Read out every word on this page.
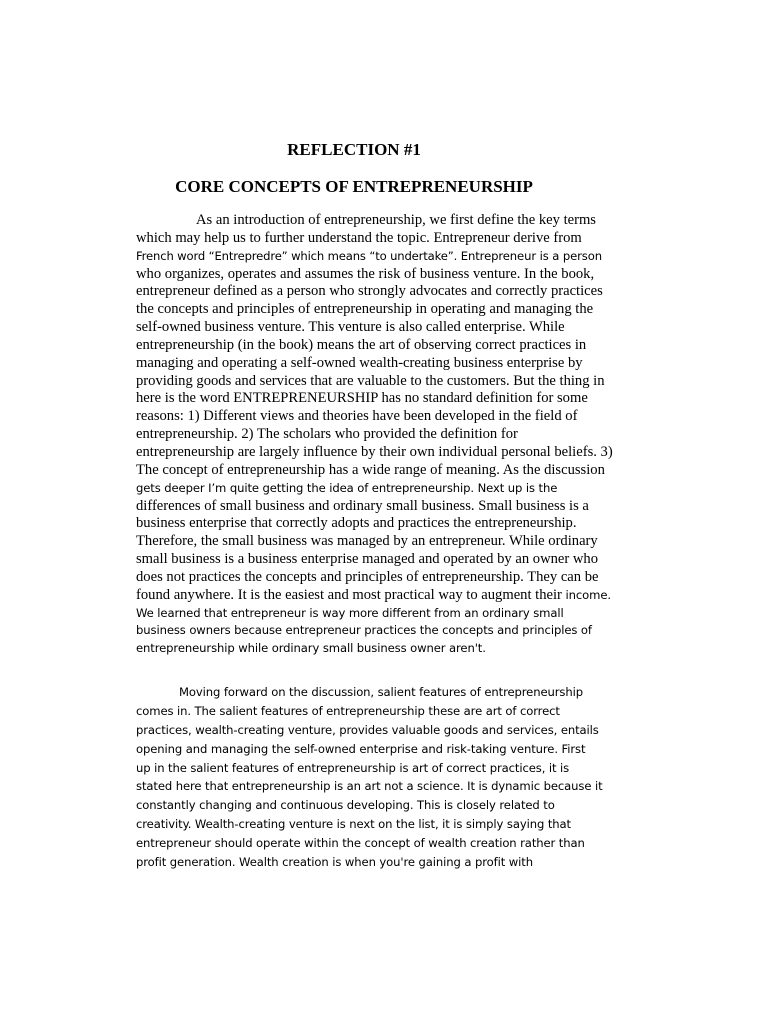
REFLECTION #1
CORE CONCEPTS OF ENTREPRENEURSHIP
As an introduction of entrepreneurship, we first define the key terms
which may help us to further understand the topic. Entrepreneur derive from
French word “Entrepredre” which means “to undertake”. Entrepreneur is a person
who organizes, operates and assumes the risk of business venture. In the book,
entrepreneur defined as a person who strongly advocates and correctly practices
the concepts and principles of entrepreneurship in operating and managing the
self-owned business venture. This venture is also called enterprise. While
entrepreneurship (in the book) means the art of observing correct practices in
managing and operating a self-owned wealth-creating business enterprise by
providing goods and services that are valuable to the customers. But the thing in
here is the word ENTREPRENEURSHIP has no standard definition for some
reasons: 1) Different views and theories have been developed in the field of
entrepreneurship. 2) The scholars who provided the definition for
entrepreneurship are largely influence by their own individual personal beliefs. 3)
The concept of entrepreneurship has a wide range of meaning. As the discussion
gets deeper I’m quite getting the idea of entrepreneurship. Next up is the
differences of small business and ordinary small business. Small business is a
business enterprise that correctly adopts and practices the entrepreneurship.
Therefore, the small business was managed by an entrepreneur. While ordinary
small business is a business enterprise managed and operated by an owner who
does not practices the concepts and principles of entrepreneurship. They can be
found anywhere. It is the easiest and most practical way to augment their income.
We learned that entrepreneur is way more different from an ordinary small
business owners because entrepreneur practices the concepts and principles of
entrepreneurship while ordinary small business owner aren't.
Moving forward on the discussion, salient features of entrepreneurship
comes in. The salient features of entrepreneurship these are art of correct
practices, wealth-creating venture, provides valuable goods and services, entails
opening and managing the self-owned enterprise and risk-taking venture. First
up in the salient features of entrepreneurship is art of correct practices, it is
stated here that entrepreneurship is an art not a science. It is dynamic because it
constantly changing and continuous developing. This is closely related to
creativity. Wealth-creating venture is next on the list, it is simply saying that
entrepreneur should operate within the concept of wealth creation rather than
profit generation. Wealth creation is when you're gaining a profit with
